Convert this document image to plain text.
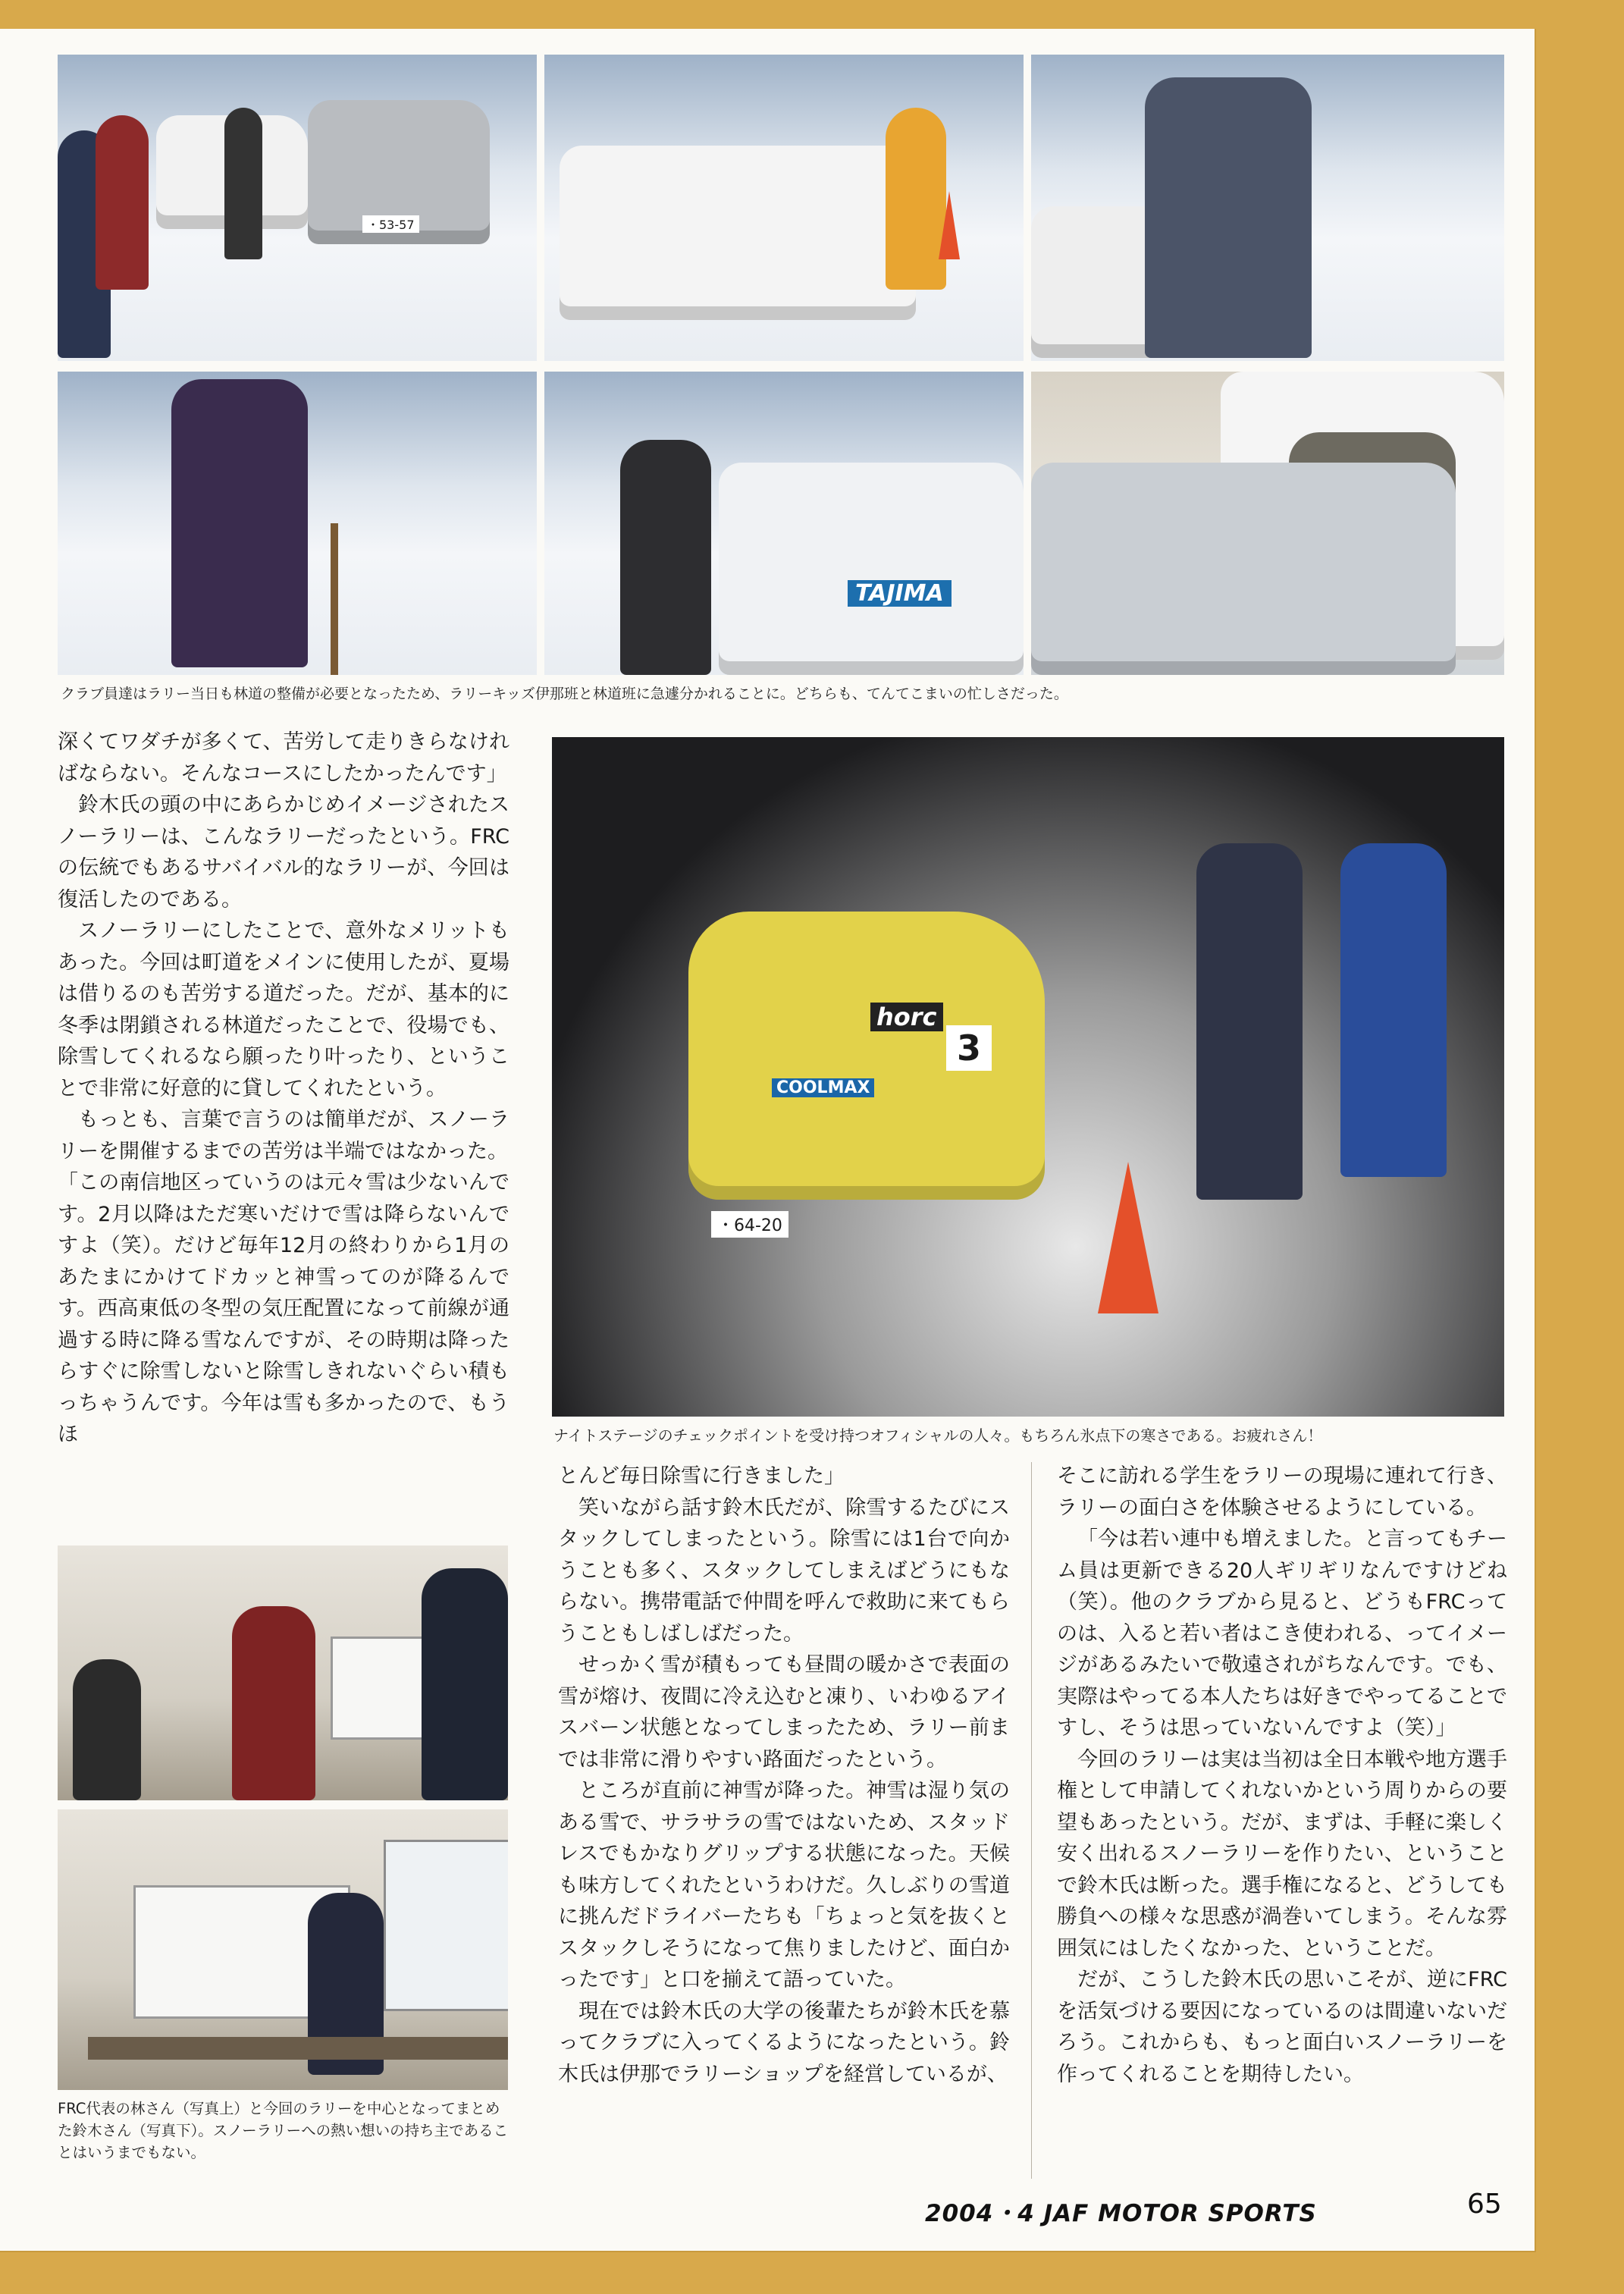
・53-57
TAJIMA
クラブ員達はラリー当日も林道の整備が必要となったため、ラリーキッズ伊那班と林道班に急遽分かれることに。どちらも、てんてこまいの忙しさだった。
3
horc
COOLMAX
・64-20
ナイトステージのチェックポイントを受け持つオフィシャルの人々。もちろん氷点下の寒さである。お疲れさん！
FRC代表の林さん（写真上）と今回のラリーを中心となってまとめた鈴木さん（写真下）。スノーラリーへの熱い想いの持ち主であることはいうまでもない。

深くてワダチが多くて、苦労して走りきらなければならない。そんなコースにしたかったんです」

鈴木氏の頭の中にあらかじめイメージされたスノーラリーは、こんなラリーだったという。FRCの伝統でもあるサバイバル的なラリーが、今回は復活したのである。

スノーラリーにしたことで、意外なメリットもあった。今回は町道をメインに使用したが、夏場は借りるのも苦労する道だった。だが、基本的に冬季は閉鎖される林道だったことで、役場でも、除雪してくれるなら願ったり叶ったり、ということで非常に好意的に貸してくれたという。

もっとも、言葉で言うのは簡単だが、スノーラリーを開催するまでの苦労は半端ではなかった。

「この南信地区っていうのは元々雪は少ないんです。2月以降はただ寒いだけで雪は降らないんですよ（笑）。だけど毎年12月の終わりから1月のあたまにかけてドカッと神雪ってのが降るんです。西高東低の冬型の気圧配置になって前線が通過する時に降る雪なんですが、その時期は降ったらすぐに除雪しないと除雪しきれないぐらい積もっちゃうんです。今年は雪も多かったので、もうほ

とんど毎日除雪に行きました」

笑いながら話す鈴木氏だが、除雪するたびにスタックしてしまったという。除雪には1台で向かうことも多く、スタックしてしまえばどうにもならない。携帯電話で仲間を呼んで救助に来てもらうこともしばしばだった。

せっかく雪が積もっても昼間の暖かさで表面の雪が熔け、夜間に冷え込むと凍り、いわゆるアイスバーン状態となってしまったため、ラリー前までは非常に滑りやすい路面だったという。

ところが直前に神雪が降った。神雪は湿り気のある雪で、サラサラの雪ではないため、スタッドレスでもかなりグリップする状態になった。天候も味方してくれたというわけだ。久しぶりの雪道に挑んだドライバーたちも「ちょっと気を抜くとスタックしそうになって焦りましたけど、面白かったです」と口を揃えて語っていた。

現在では鈴木氏の大学の後輩たちが鈴木氏を慕ってクラブに入ってくるようになったという。鈴木氏は伊那でラリーショップを経営しているが、

そこに訪れる学生をラリーの現場に連れて行き、ラリーの面白さを体験させるようにしている。

「今は若い連中も増えました。と言ってもチーム員は更新できる20人ギリギリなんですけどね（笑）。他のクラブから見ると、どうもFRCってのは、入ると若い者はこき使われる、ってイメージがあるみたいで敬遠されがちなんです。でも、実際はやってる本人たちは好きでやってることですし、そうは思っていないんですよ（笑）」

今回のラリーは実は当初は全日本戦や地方選手権として申請してくれないかという周りからの要望もあったという。だが、まずは、手軽に楽しく安く出れるスノーラリーを作りたい、ということで鈴木氏は断った。選手権になると、どうしても勝負への様々な思惑が渦巻いてしまう。そんな雰囲気にはしたくなかった、ということだ。

だが、こうした鈴木氏の思いこそが、逆にFRCを活気づける要因になっているのは間違いないだろう。これからも、もっと面白いスノーラリーを作ってくれることを期待したい。

2004・4 JAF MOTOR SPORTS	65
